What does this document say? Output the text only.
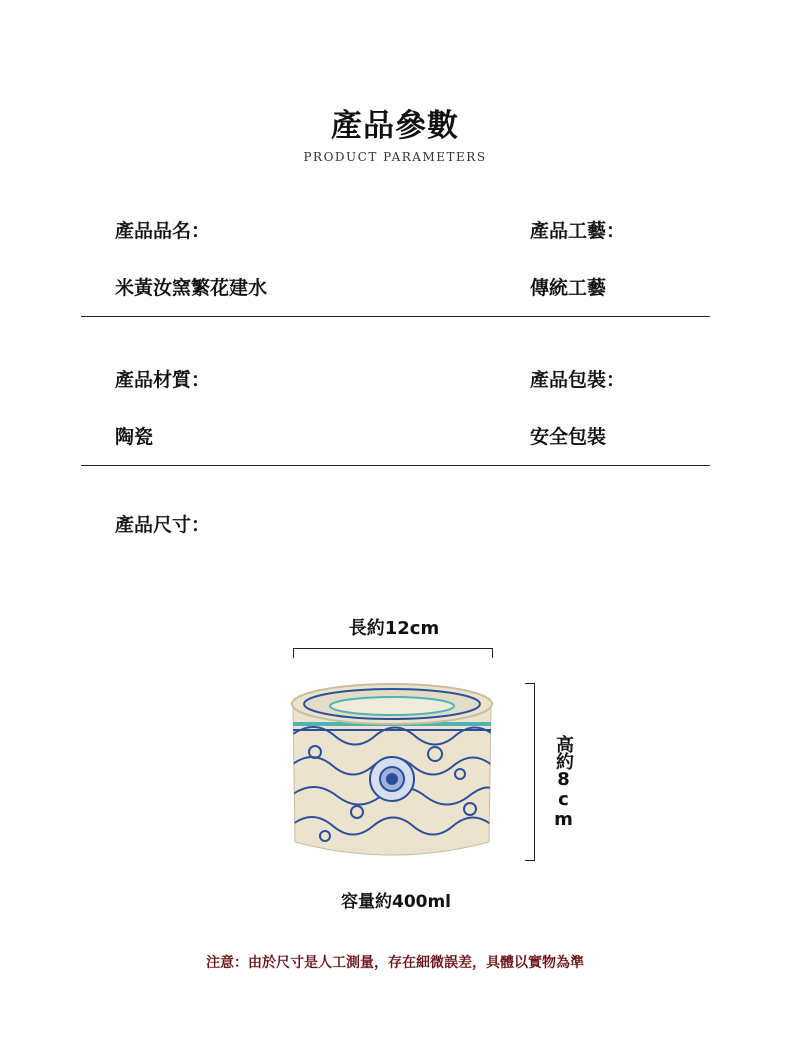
產品參數
PRODUCT PARAMETERS
產品品名：	產品工藝：
米黃汝窯繁花建水	傳統工藝
產品材質：	產品包裝：
陶瓷	安全包裝
產品尺寸：
長約12cm
高約8cm
容量約400ml
注意：由於尺寸是人工測量，存在細微誤差，具體以實物為準
